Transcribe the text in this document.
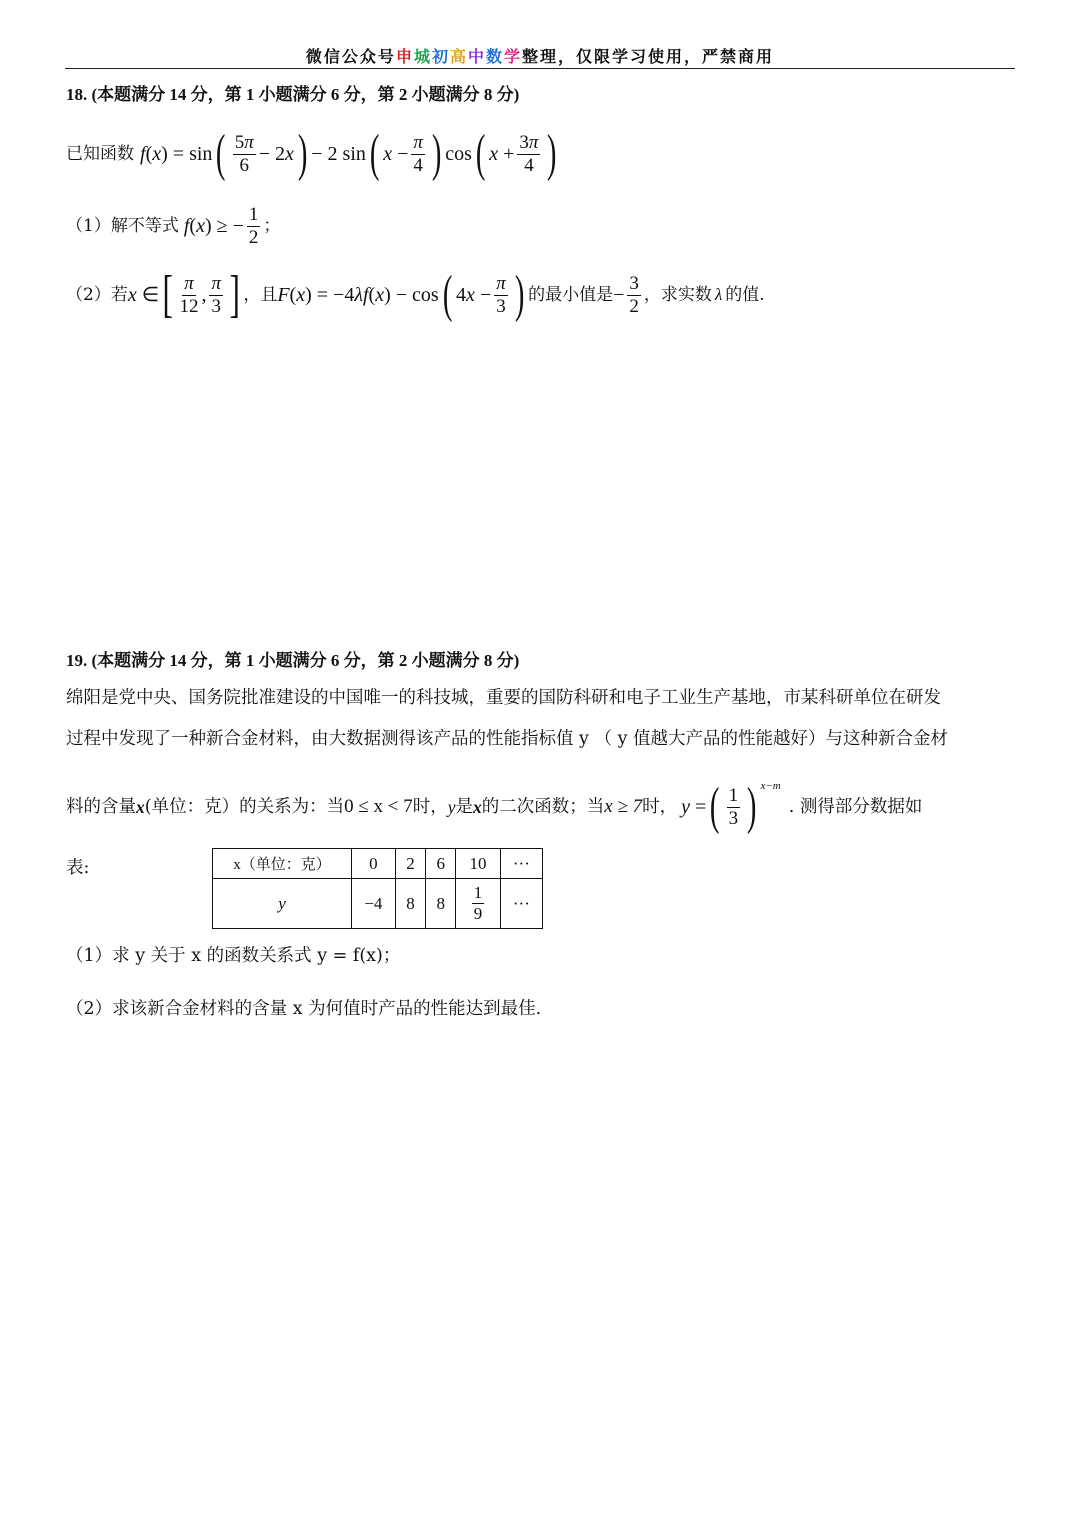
微信公众号申城初高中数学整理，仅限学习使用，严禁商用
18. (本题满分 14 分，第 1 小题满分 6 分，第 2 小题满分 8 分)
已知函数 f ( x ) = sin ( $\frac{5\pi}{6} - 2$ x ) − 2 sin ( $x - \frac{\pi}{4}$ ) cos ( $x + \frac{3\pi}{4}$ )
（1）解不等式
f ( x ) ≥ − $\frac{1}{2}$ ；
（2）若 x ∈ [ $\frac{\pi}{12}$ , $\frac{\pi}{3}$ ] ，且 F ( x ) = −4 λf ( x ) − cos ( 4 $x - \frac{\pi}{3}$ ) 的最小值是 − $\frac{3}{2}$ ，求实数 λ 的值.
19. (本题满分 14 分，第 1 小题满分 6 分，第 2 小题满分 8 分)
绵阳是党中央、国务院批准建设的中国唯一的科技城，重要的国防科研和电子工业生产基地，市某科研单位在研发
过程中发现了一种新合金材料，由大数据测得该产品的性能指标值 y （ y 值越大产品的性能越好）与这种新合金材
料的含量 x (单位：克）的关系为：当 0 ≤ x < 7 时， y 是 x 的二次函数；当 x ≥ 7 时， y = ( $\frac{1}{3}$ ) $^{x-m}$
. 测得部分数据如
表:	x（单位：克）	0	2	6	10	···
y	−4	8	8	$\frac{1}{9}$	···
（1）求 y 关于 x 的函数关系式 y = f(x)；
（2）求该新合金材料的含量 x 为何值时产品的性能达到最佳.
